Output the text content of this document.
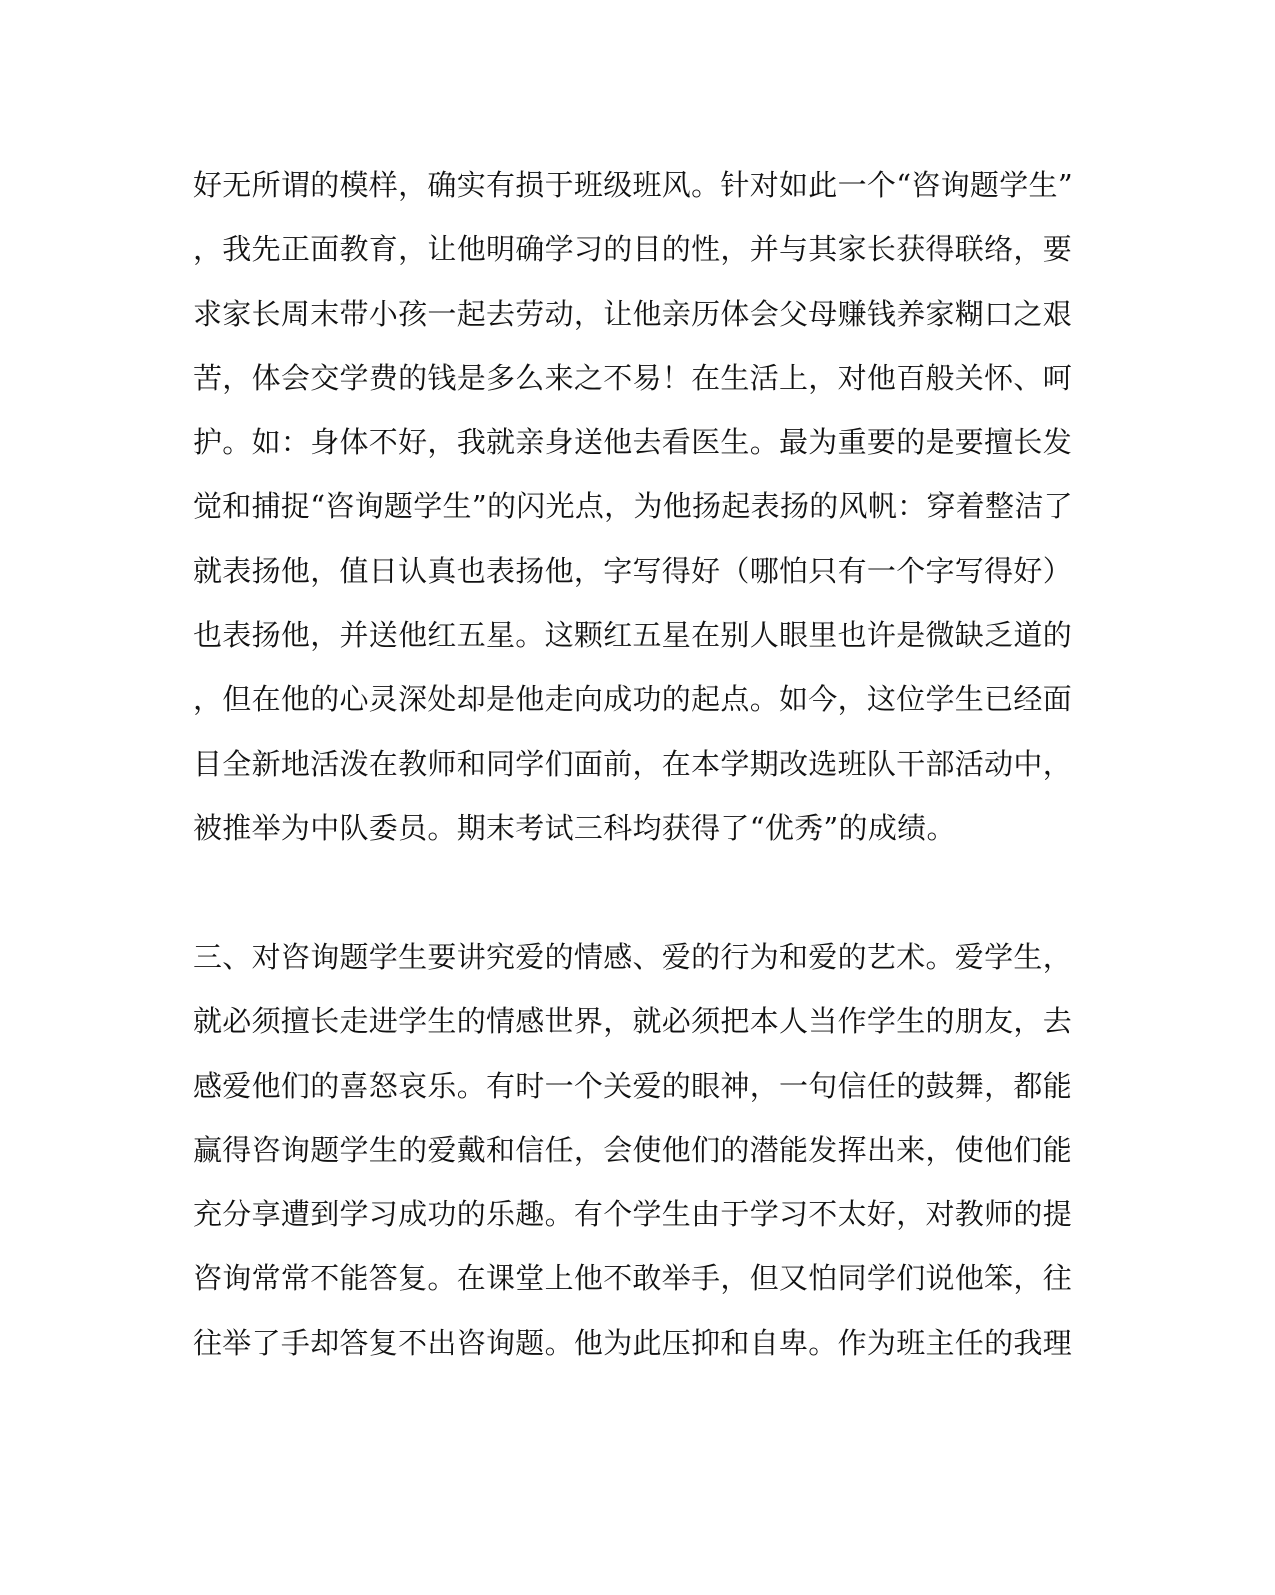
好无所谓的模样，确实有损于班级班风。针对如此一个“咨询题学生”
，我先正面教育，让他明确学习的目的性，并与其家长获得联络，要
求家长周末带小孩一起去劳动，让他亲历体会父母赚钱养家糊口之艰
苦，体会交学费的钱是多么来之不易！在生活上，对他百般关怀、呵
护。如：身体不好，我就亲身送他去看医生。最为重要的是要擅长发
觉和捕捉“咨询题学生”的闪光点，为他扬起表扬的风帆：穿着整洁了
就表扬他，值日认真也表扬他，字写得好（哪怕只有一个字写得好）
也表扬他，并送他红五星。这颗红五星在别人眼里也许是微缺乏道的
，但在他的心灵深处却是他走向成功的起点。如今，这位学生已经面
目全新地活泼在教师和同学们面前，在本学期改选班队干部活动中，
被推举为中队委员。期末考试三科均获得了“优秀”的成绩。
三、对咨询题学生要讲究爱的情感、爱的行为和爱的艺术。爱学生，
就必须擅长走进学生的情感世界，就必须把本人当作学生的朋友，去
感爱他们的喜怒哀乐。有时一个关爱的眼神，一句信任的鼓舞，都能
赢得咨询题学生的爱戴和信任，会使他们的潜能发挥出来，使他们能
充分享遭到学习成功的乐趣。有个学生由于学习不太好，对教师的提
咨询常常不能答复。在课堂上他不敢举手，但又怕同学们说他笨，往
往举了手却答复不出咨询题。他为此压抑和自卑。作为班主任的我理
